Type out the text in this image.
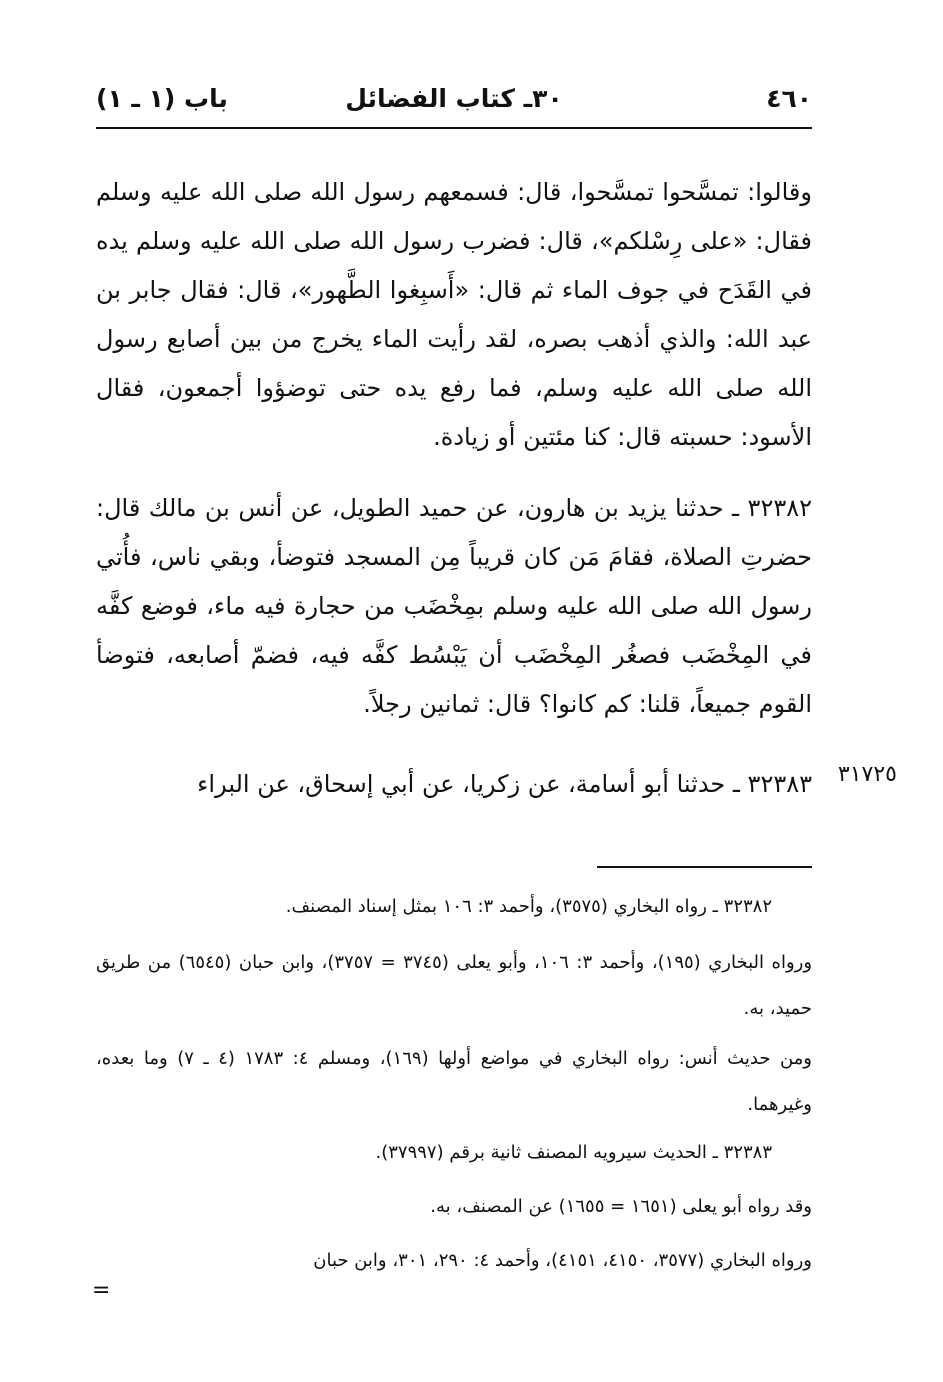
٤٦٠
٣٠ـ كتاب الفضائل
باب (١ ـ ١)
وقالوا: تمسَّحوا تمسَّحوا، قال: فسمعهم رسول الله صلى الله عليه وسلم فقال: «على رِسْلكم»، قال: فضرب رسول الله صلى الله عليه وسلم يده في القَدَح في جوف الماء ثم قال: «أَسبِغوا الطَّهور»، قال: فقال جابر بن عبد الله: والذي أذهب بصره، لقد رأيت الماء يخرج من بين أصابع رسول الله صلى الله عليه وسلم، فما رفع يده حتى توضؤوا أجمعون، فقال الأسود: حسبته قال: كنا مئتين أو زيادة.
٣٢٣٨٢ ـ حدثنا يزيد بن هارون، عن حميد الطويل، عن أنس بن مالك قال: حضرتِ الصلاة، فقامَ مَن كان قريباً مِن المسجد فتوضأ، وبقي ناس، فأُتي رسول الله صلى الله عليه وسلم بمِخْضَب من حجارة فيه ماء، فوضع كفَّه في المِخْضَب فصغُر المِخْضَب أن يَبْسُط كفَّه فيه، فضمّ أصابعه، فتوضأ القوم جميعاً، قلنا: كم كانوا؟ قال: ثمانين رجلاً.
٣٢٣٨٣ ـ حدثنا أبو أسامة، عن زكريا، عن أبي إسحاق، عن البراء	٣١٧٢٥
٣٢٣٨٢ ـ رواه البخاري (٣٥٧٥)، وأحمد ٣: ١٠٦ بمثل إسناد المصنف.
ورواه البخاري (١٩٥)، وأحمد ٣: ١٠٦، وأبو يعلى (٣٧٤٥ = ٣٧٥٧)، وابن حبان (٦٥٤٥) من طريق حميد، به.
ومن حديث أنس: رواه البخاري في مواضع أولها (١٦٩)، ومسلم ٤: ١٧٨٣ (٤ ـ ٧) وما بعده، وغيرهما.
٣٢٣٨٣ ـ الحديث سيرويه المصنف ثانية برقم (٣٧٩٩٧).
وقد رواه أبو يعلى (١٦٥١ = ١٦٥٥) عن المصنف، به.
ورواه البخاري (٣٥٧٧، ٤١٥٠، ٤١٥١)، وأحمد ٤: ٢٩٠، ٣٠١، وابن حبان
=
